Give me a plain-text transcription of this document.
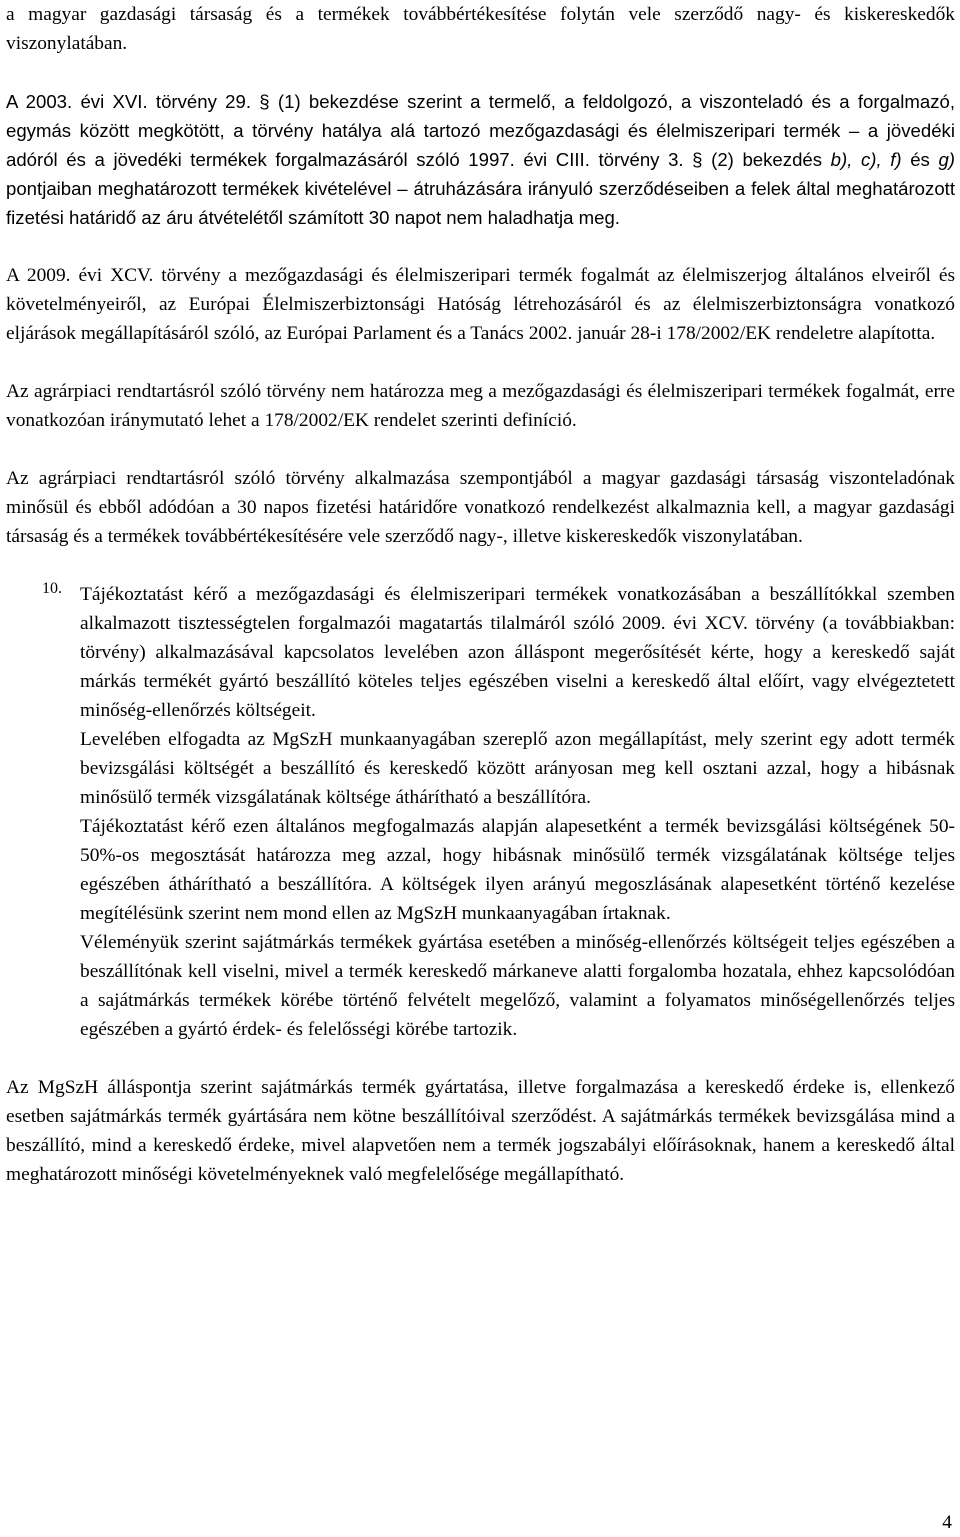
a magyar gazdasági társaság és a termékek továbbértékesítése folytán vele szerződő nagy- és kiskereskedők viszonylatában.

A 2003. évi XVI. törvény 29. § (1) bekezdése szerint a termelő, a feldolgozó, a viszonteladó és a forgalmazó, egymás között megkötött, a törvény hatálya alá tartozó mezőgazdasági és élelmiszeripari termék – a jövedéki adóról és a jövedéki termékek forgalmazásáról szóló 1997. évi CIII. törvény 3. § (2) bekezdés b), c), f) és g) pontjaiban meghatározott termékek kivételével – átruházására irányuló szerződéseiben a felek által meghatározott fizetési határidő az áru átvételétől számított 30 napot nem haladhatja meg.

A 2009. évi XCV. törvény a mezőgazdasági és élelmiszeripari termék fogalmát az élelmiszerjog általános elveiről és követelményeiről, az Európai Élelmiszerbiztonsági Hatóság létrehozásáról és az élelmiszerbiztonságra vonatkozó eljárások megállapításáról szóló, az Európai Parlament és a Tanács 2002. január 28-i 178/2002/EK rendeletre alapította.

Az agrárpiaci rendtartásról szóló törvény nem határozza meg a mezőgazdasági és élelmiszeripari termékek fogalmát, erre vonatkozóan iránymutató lehet a 178/2002/EK rendelet szerinti definíció.

Az agrárpiaci rendtartásról szóló törvény alkalmazása szempontjából a magyar gazdasági társaság viszonteladónak minősül és ebből adódóan a 30 napos fizetési határidőre vonatkozó rendelkezést alkalmaznia kell, a magyar gazdasági társaság és a termékek továbbértékesítésére vele szerződő nagy-, illetve kiskereskedők viszonylatában.

10. Tájékoztatást kérő a mezőgazdasági és élelmiszeripari termékek vonatkozásában a beszállítókkal szemben alkalmazott tisztességtelen forgalmazói magatartás tilalmáról szóló 2009. évi XCV. törvény (a továbbiakban: törvény) alkalmazásával kapcsolatos levelében azon álláspont megerősítését kérte, hogy a kereskedő saját márkás termékét gyártó beszállító köteles teljes egészében viselni a kereskedő által előírt, vagy elvégeztetett minőség-ellenőrzés költségeit.

Levelében elfogadta az MgSzH munkaanyagában szereplő azon megállapítást, mely szerint egy adott termék bevizsgálási költségét a beszállító és kereskedő között arányosan meg kell osztani azzal, hogy a hibásnak minősülő termék vizsgálatának költsége áthárítható a beszállítóra.

Tájékoztatást kérő ezen általános megfogalmazás alapján alapesetként a termék bevizsgálási költségének 50-50%-os megosztását határozza meg azzal, hogy hibásnak minősülő termék vizsgálatának költsége teljes egészében áthárítható a beszállítóra. A költségek ilyen arányú megoszlásának alapesetként történő kezelése megítélésünk szerint nem mond ellen az MgSzH munkaanyagában írtaknak.

Véleményük szerint sajátmárkás termékek gyártása esetében a minőség-ellenőrzés költségeit teljes egészében a beszállítónak kell viselni, mivel a termék kereskedő márkaneve alatti forgalomba hozatala, ehhez kapcsolódóan a sajátmárkás termékek körébe történő felvételt megelőző, valamint a folyamatos minőségellenőrzés teljes egészében a gyártó érdek- és felelősségi körébe tartozik.

Az MgSzH álláspontja szerint sajátmárkás termék gyártatása, illetve forgalmazása a kereskedő érdeke is, ellenkező esetben sajátmárkás termék gyártására nem kötne beszállítóival szerződést. A sajátmárkás termékek bevizsgálása mind a beszállító, mind a kereskedő érdeke, mivel alapvetően nem a termék jogszabályi előírásoknak, hanem a kereskedő által meghatározott minőségi követelményeknek való megfelelősége megállapítható.

4
